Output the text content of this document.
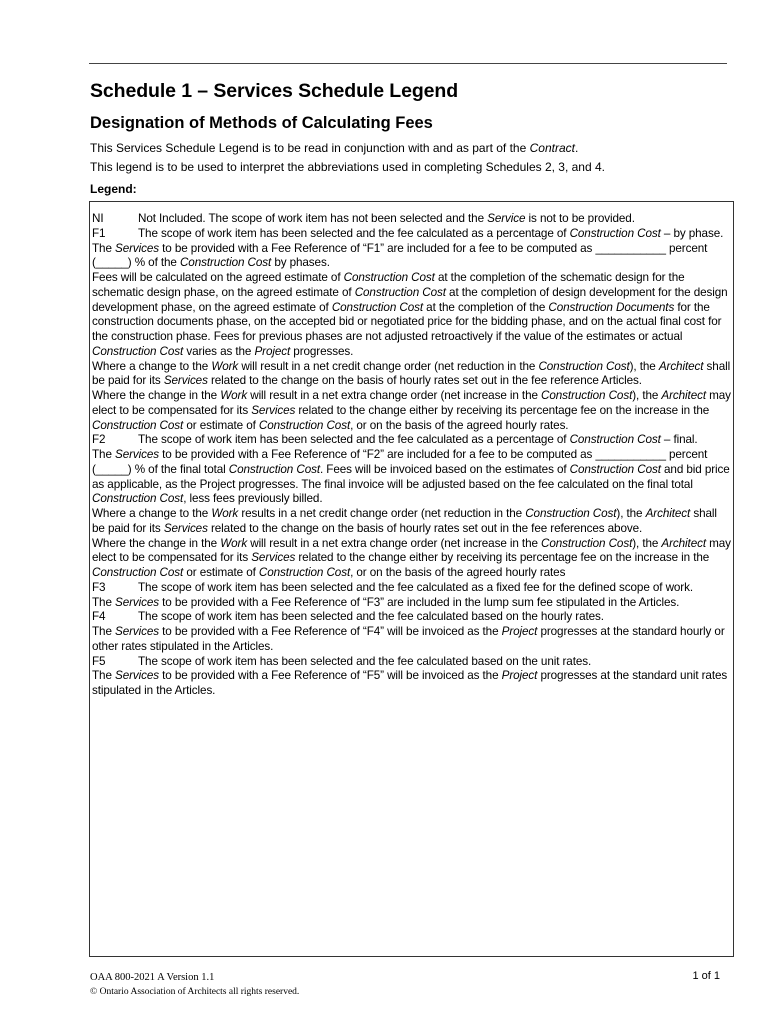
Schedule 1 – Services Schedule Legend
Designation of Methods of Calculating Fees

This Services Schedule Legend is to be read in conjunction with and as part of the Contract.

This legend is to be used to interpret the abbreviations used in completing Schedules 2, 3, and 4.

Legend:

NI	Not Included. The scope of work item has not been selected and the Service is not to be provided.

F1	The scope of work item has been selected and the fee calculated as a percentage of Construction Cost – by phase.

The Services to be provided with a Fee Reference of “F1” are included for a fee to be computed as ___________ percent (_____) % of the Construction Cost by phases.

Fees will be calculated on the agreed estimate of Construction Cost at the completion of the schematic design for the schematic design phase, on the agreed estimate of Construction Cost at the completion of design development for the design development phase, on the agreed estimate of Construction Cost at the completion of the Construction Documents for the construction documents phase, on the accepted bid or negotiated price for the bidding phase, and on the actual final cost for the construction phase. Fees for previous phases are not adjusted retroactively if the value of the estimates or actual Construction Cost varies as the Project progresses.

Where a change to the Work will result in a net credit change order (net reduction in the Construction Cost), the Architect shall be paid for its Services related to the change on the basis of hourly rates set out in the fee reference Articles.

Where the change in the Work will result in a net extra change order (net increase in the Construction Cost), the Architect may elect to be compensated for its Services related to the change either by receiving its percentage fee on the increase in the Construction Cost or estimate of Construction Cost, or on the basis of the agreed hourly rates.

F2	The scope of work item has been selected and the fee calculated as a percentage of Construction Cost – final.

The Services to be provided with a Fee Reference of “F2” are included for a fee to be computed as ___________ percent (_____) % of the final total Construction Cost. Fees will be invoiced based on the estimates of Construction Cost and bid price as applicable, as the Project progresses. The final invoice will be adjusted based on the fee calculated on the final total Construction Cost, less fees previously billed.

Where a change to the Work results in a net credit change order (net reduction in the Construction Cost), the Architect shall be paid for its Services related to the change on the basis of hourly rates set out in the fee references above.

Where the change in the Work will result in a net extra change order (net increase in the Construction Cost), the Architect may elect to be compensated for its Services related to the change either by receiving its percentage fee on the increase in the Construction Cost or estimate of Construction Cost, or on the basis of the agreed hourly rates

F3	The scope of work item has been selected and the fee calculated as a fixed fee for the defined scope of work.

The Services to be provided with a Fee Reference of “F3” are included in the lump sum fee stipulated in the Articles.

F4	The scope of work item has been selected and the fee calculated based on the hourly rates.

The Services to be provided with a Fee Reference of “F4” will be invoiced as the Project progresses at the standard hourly or other rates stipulated in the Articles.

F5	The scope of work item has been selected and the fee calculated based on the unit rates.

The Services to be provided with a Fee Reference of “F5” will be invoiced as the Project progresses at the standard unit rates stipulated in the Articles.

OAA 800-2021 A Version 1.1
© Ontario Association of Architects all rights reserved.
1 of 1
